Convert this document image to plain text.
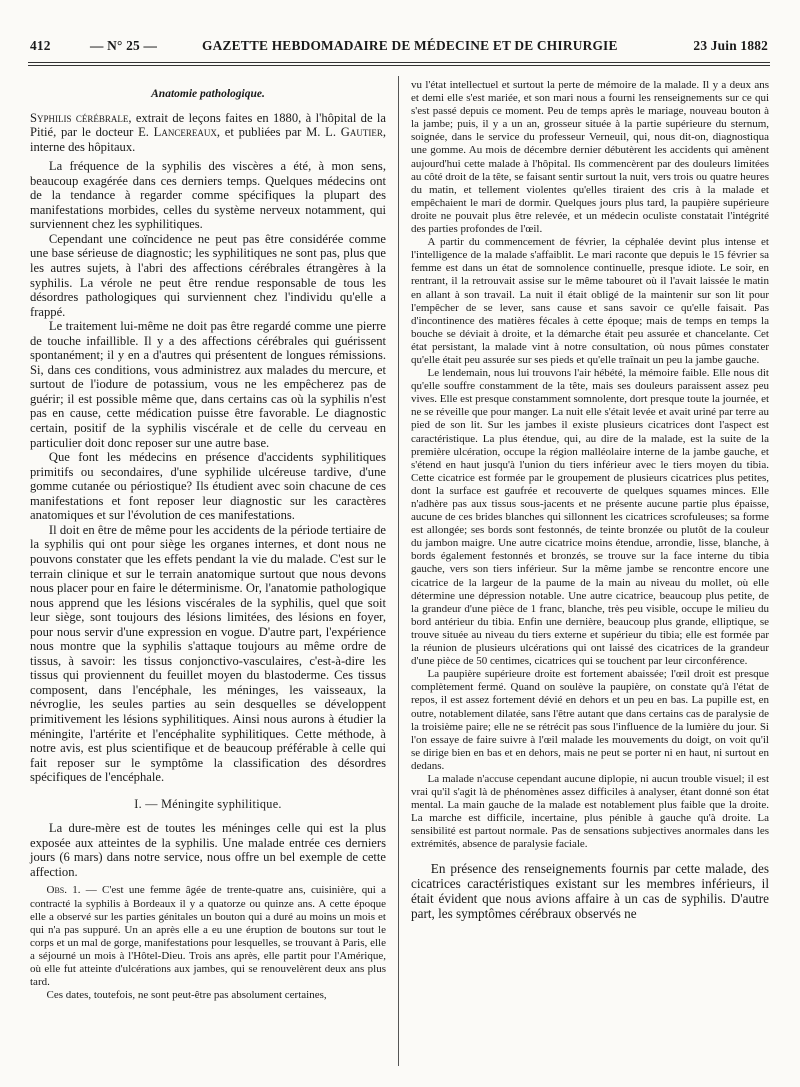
412	— N° 25 —	GAZETTE HEBDOMADAIRE DE MÉDECINE ET DE CHIRURGIE	23 Juin 1882

Anatomie pathologique.

Syphilis cérébrale, extrait de leçons faites en 1880, à l'hôpital de la Pitié, par le docteur E. Lancereaux, et publiées par M. L. Gautier, interne des hôpitaux.

La fréquence de la syphilis des viscères a été, à mon sens, beaucoup exagérée dans ces derniers temps. Quelques médecins ont de la tendance à regarder comme spécifiques la plupart des manifestations morbides, celles du système nerveux notamment, qui surviennent chez les syphilitiques.

Cependant une coïncidence ne peut pas être considérée comme une base sérieuse de diagnostic; les syphilitiques ne sont pas, plus que les autres sujets, à l'abri des affections cérébrales étrangères à la syphilis. La vérole ne peut être rendue responsable de tous les désordres pathologiques qui surviennent chez l'individu qu'elle a frappé.

Le traitement lui-même ne doit pas être regardé comme une pierre de touche infaillible. Il y a des affections cérébrales qui guérissent spontanément; il y en a d'autres qui présentent de longues rémissions. Si, dans ces conditions, vous administrez aux malades du mercure, et surtout de l'iodure de potassium, vous ne les empêcherez pas de guérir; il est possible même que, dans certains cas où la syphilis n'est pas en cause, cette médication puisse être favorable. Le diagnostic certain, positif de la syphilis viscérale et de celle du cerveau en particulier doit donc reposer sur une autre base.

Que font les médecins en présence d'accidents syphilitiques primitifs ou secondaires, d'une syphilide ulcéreuse tardive, d'une gomme cutanée ou périostique? Ils étudient avec soin chacune de ces manifestations et font reposer leur diagnostic sur les caractères anatomiques et sur l'évolution de ces manifestations.

Il doit en être de même pour les accidents de la période tertiaire de la syphilis qui ont pour siège les organes internes, et dont nous ne pouvons constater que les effets pendant la vie du malade. C'est sur le terrain clinique et sur le terrain anatomique surtout que nous devons nous placer pour en faire le déterminisme. Or, l'anatomie pathologique nous apprend que les lésions viscérales de la syphilis, quel que soit leur siège, sont toujours des lésions limitées, des lésions en foyer, pour nous servir d'une expression en vogue. D'autre part, l'expérience nous montre que la syphilis s'attaque toujours au même ordre de tissus, à savoir: les tissus conjonctivo-vasculaires, c'est-à-dire les tissus qui proviennent du feuillet moyen du blastoderme. Ces tissus composent, dans l'encéphale, les méninges, les vaisseaux, la névroglie, les seules parties au sein desquelles se développent primitivement les lésions syphilitiques. Ainsi nous aurons à étudier la méningite, l'artérite et l'encéphalite syphilitiques. Cette méthode, à notre avis, est plus scientifique et de beaucoup préférable à celle qui fait reposer sur le symptôme la classification des désordres spécifiques de l'encéphale.

I. — Méningite syphilitique.

La dure-mère est de toutes les méninges celle qui est la plus exposée aux atteintes de la syphilis. Une malade entrée ces derniers jours (6 mars) dans notre service, nous offre un bel exemple de cette affection.

Obs. 1. — C'est une femme âgée de trente-quatre ans, cuisinière, qui a contracté la syphilis à Bordeaux il y a quatorze ou quinze ans. A cette époque elle a observé sur les parties génitales un bouton qui a duré au moins un mois et qui n'a pas suppuré. Un an après elle a eu une éruption de boutons sur tout le corps et un mal de gorge, manifestations pour lesquelles, se trouvant à Paris, elle a séjourné un mois à l'Hôtel-Dieu. Trois ans après, elle partit pour l'Amérique, où elle fut atteinte d'ulcérations aux jambes, qui se renouvelèrent deux ans plus tard.

Ces dates, toutefois, ne sont peut-être pas absolument certaines,

vu l'état intellectuel et surtout la perte de mémoire de la malade. Il y a deux ans et demi elle s'est mariée, et son mari nous a fourni les renseignements sur ce qui s'est passé depuis ce moment. Peu de temps après le mariage, nouveau bouton à la jambe; puis, il y a un an, grosseur située à la partie supérieure du sternum, soignée, dans le service du professeur Verneuil, qui, nous dit-on, diagnostiqua une gomme. Au mois de décembre dernier débutèrent les accidents qui amènent aujourd'hui cette malade à l'hôpital. Ils commencèrent par des douleurs limitées au côté droit de la tête, se faisant sentir surtout la nuit, vers trois ou quatre heures du matin, et tellement violentes qu'elles tiraient des cris à la malade et empêchaient le mari de dormir. Quelques jours plus tard, la paupière supérieure droite ne pouvait plus être relevée, et un médecin oculiste constatait l'intégrité des parties profondes de l'œil.

A partir du commencement de février, la céphalée devint plus intense et l'intelligence de la malade s'affaiblit. Le mari raconte que depuis le 15 février sa femme est dans un état de somnolence continuelle, presque idiote. Le soir, en rentrant, il la retrouvait assise sur le même tabouret où il l'avait laissée le matin en allant à son travail. La nuit il était obligé de la maintenir sur son lit pour l'empêcher de se lever, sans cause et sans savoir ce qu'elle faisait. Pas d'incontinence des matières fécales à cette époque; mais de temps en temps la bouche se déviait à droite, et la démarche était peu assurée et chancelante. Cet état persistant, la malade vint à notre consultation, où nous pûmes constater qu'elle était peu assurée sur ses pieds et qu'elle traînait un peu la jambe gauche.

Le lendemain, nous lui trouvons l'air hébété, la mémoire faible. Elle nous dit qu'elle souffre constamment de la tête, mais ses douleurs paraissent assez peu vives. Elle est presque constamment somnolente, dort presque toute la journée, et ne se réveille que pour manger. La nuit elle s'était levée et avait uriné par terre au pied de son lit. Sur les jambes il existe plusieurs cicatrices dont l'aspect est caractéristique. La plus étendue, qui, au dire de la malade, est la suite de la première ulcération, occupe la région malléolaire interne de la jambe gauche, et s'étend en haut jusqu'à l'union du tiers inférieur avec le tiers moyen du tibia. Cette cicatrice est formée par le groupement de plusieurs cicatrices plus petites, dont la surface est gaufrée et recouverte de quelques squames minces. Elle n'adhère pas aux tissus sous-jacents et ne présente aucune partie plus épaisse, aucune de ces brides blanches qui sillonnent les cicatrices scrofuleuses; sa forme est allongée; ses bords sont festonnés, de teinte bronzée ou plutôt de la couleur du jambon maigre. Une autre cicatrice moins étendue, arrondie, lisse, blanche, à bords également festonnés et bronzés, se trouve sur la face interne du tibia gauche, vers son tiers inférieur. Sur la même jambe se rencontre encore une cicatrice de la largeur de la paume de la main au niveau du mollet, où elle détermine une dépression notable. Une autre cicatrice, beaucoup plus petite, de la grandeur d'une pièce de 1 franc, blanche, très peu visible, occupe le milieu du bord antérieur du tibia. Enfin une dernière, beaucoup plus grande, elliptique, se trouve située au niveau du tiers externe et supérieur du tibia; elle est formée par la réunion de plusieurs ulcérations qui ont laissé des cicatrices de la grandeur d'une pièce de 50 centimes, cicatrices qui se touchent par leur circonférence.

La paupière supérieure droite est fortement abaissée; l'œil droit est presque complètement fermé. Quand on soulève la paupière, on constate qu'à l'état de repos, il est assez fortement dévié en dehors et un peu en bas. La pupille est, en outre, notablement dilatée, sans l'être autant que dans certains cas de paralysie de la troisième paire; elle ne se rétrécit pas sous l'influence de la lumière du jour. Si l'on essaye de faire suivre à l'œil malade les mouvements du doigt, on voit qu'il se dirige bien en bas et en dehors, mais ne peut se porter ni en haut, ni surtout en dedans.

La malade n'accuse cependant aucune diplopie, ni aucun trouble visuel; il est vrai qu'il s'agit là de phénomènes assez difficiles à analyser, étant donné son état mental. La main gauche de la malade est notablement plus faible que la droite. La marche est difficile, incertaine, plus pénible à gauche qu'à droite. La sensibilité est partout normale. Pas de sensations subjectives anormales dans les extrémités, absence de paralysie faciale.

En présence des renseignements fournis par cette malade, des cicatrices caractéristiques existant sur les membres inférieurs, il était évident que nous avions affaire à un cas de syphilis. D'autre part, les symptômes cérébraux observés ne
